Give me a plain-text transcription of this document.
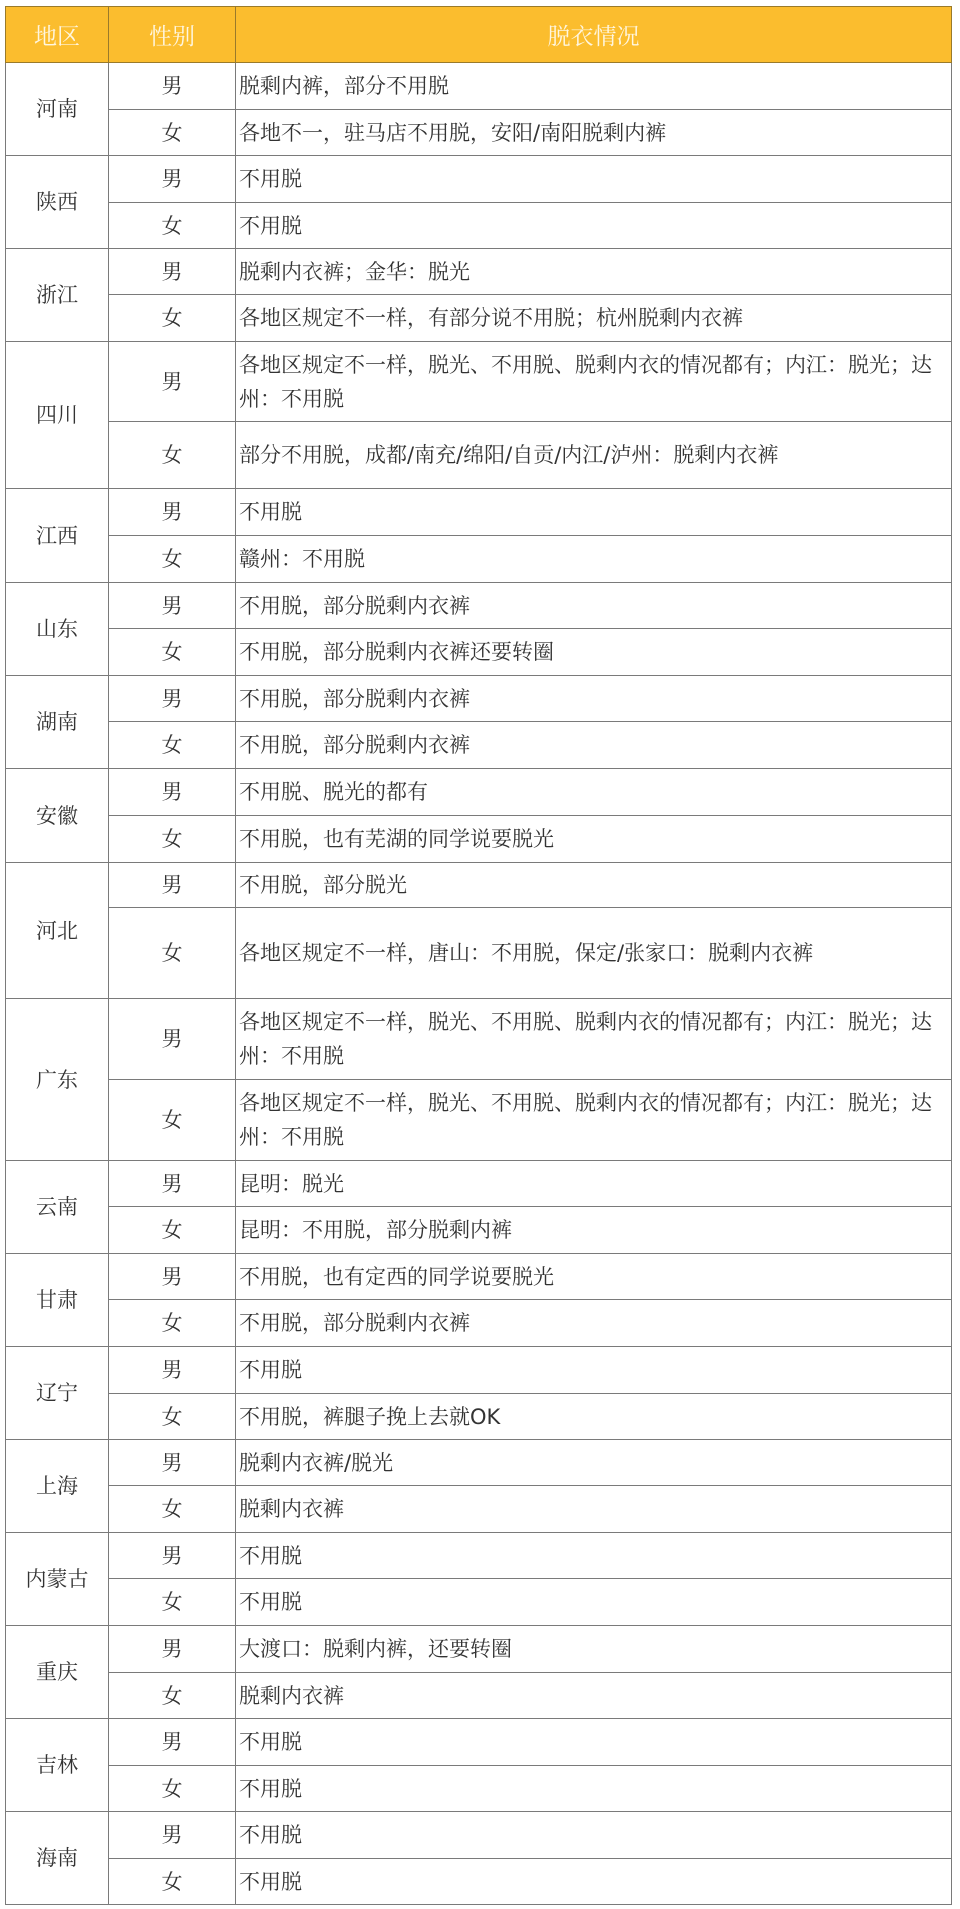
地区	性别	脱衣情况
河南	男	脱剩内裤，部分不用脱
	女	各地不一，驻马店不用脱，安阳/南阳脱剩内裤
陕西	男	不用脱
	女	不用脱
浙江	男	脱剩内衣裤；金华：脱光
	女	各地区规定不一样，有部分说不用脱；杭州脱剩内衣裤
四川	男	各地区规定不一样，脱光、不用脱、脱剩内衣的情况都有；内江：脱光；达州：不用脱
	女	部分不用脱，成都/南充/绵阳/自贡/内江/泸州：脱剩内衣裤
江西	男	不用脱
	女	赣州：不用脱
山东	男	不用脱，部分脱剩内衣裤
	女	不用脱，部分脱剩内衣裤还要转圈
湖南	男	不用脱，部分脱剩内衣裤
	女	不用脱，部分脱剩内衣裤
安徽	男	不用脱、脱光的都有
	女	不用脱，也有芜湖的同学说要脱光
河北	男	不用脱，部分脱光
	女	各地区规定不一样，唐山：不用脱，保定/张家口：脱剩内衣裤
广东	男	各地区规定不一样，脱光、不用脱、脱剩内衣的情况都有；内江：脱光；达州：不用脱
	女	各地区规定不一样，脱光、不用脱、脱剩内衣的情况都有；内江：脱光；达州：不用脱
云南	男	昆明：脱光
	女	昆明：不用脱，部分脱剩内裤
甘肃	男	不用脱，也有定西的同学说要脱光
	女	不用脱，部分脱剩内衣裤
辽宁	男	不用脱
	女	不用脱，裤腿子挽上去就OK
上海	男	脱剩内衣裤/脱光
	女	脱剩内衣裤
内蒙古	男	不用脱
	女	不用脱
重庆	男	大渡口：脱剩内裤，还要转圈
	女	脱剩内衣裤
吉林	男	不用脱
	女	不用脱
海南	男	不用脱
	女	不用脱
